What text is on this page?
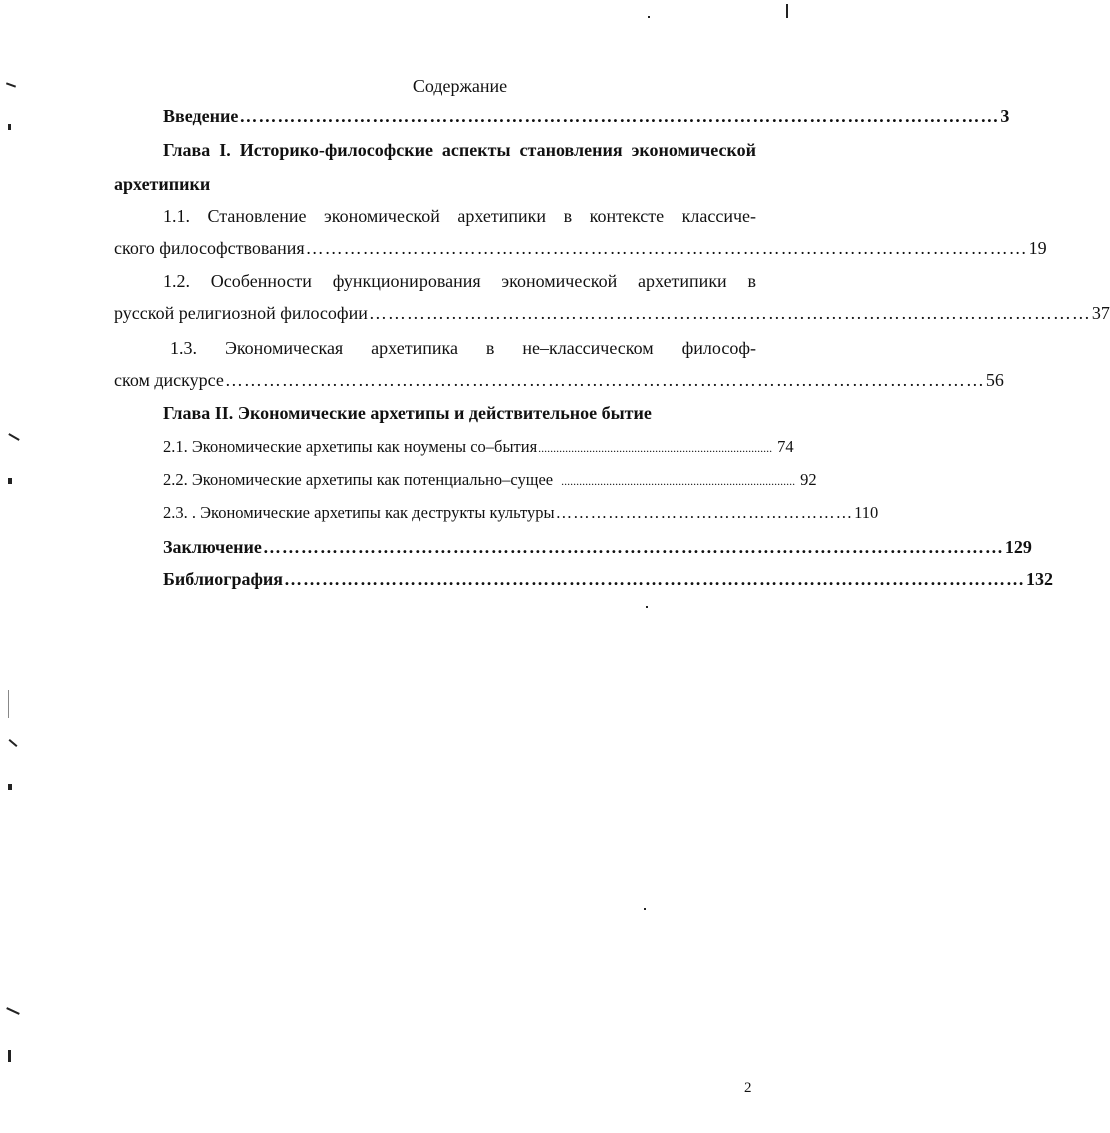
Содержание
Введение ………………………………………………………………………………………………………… 3
Глава I. Историко-философские аспекты становления экономической
архетипики
1.1. Становление экономической архетипики в контексте классиче-
ского философствования …………………………………………………………………………………………………… 19
1.2. Особенности функционирования экономической архетипики в
русской религиозной философии …………………………………………………………………………………………………… 37
1.3. Экономическая архетипика в не–классическом философ-
ском дискурсе ………………………………………………………………………………………………………… 56
Глава II. Экономические архетипы и действительное бытие
2.1. Экономические архетипы как ноумены со–бытия .............................................................................. 74
2.2. Экономические архетипы как потенциально–сущее .............................................................................. 92
2.3. . Экономические архетипы как деструкты культуры …………………………………………… 110
Заключение ……………………………………………………………………………………………………… 129
Библиография ……………………………………………………………………………………………………… 132
2
